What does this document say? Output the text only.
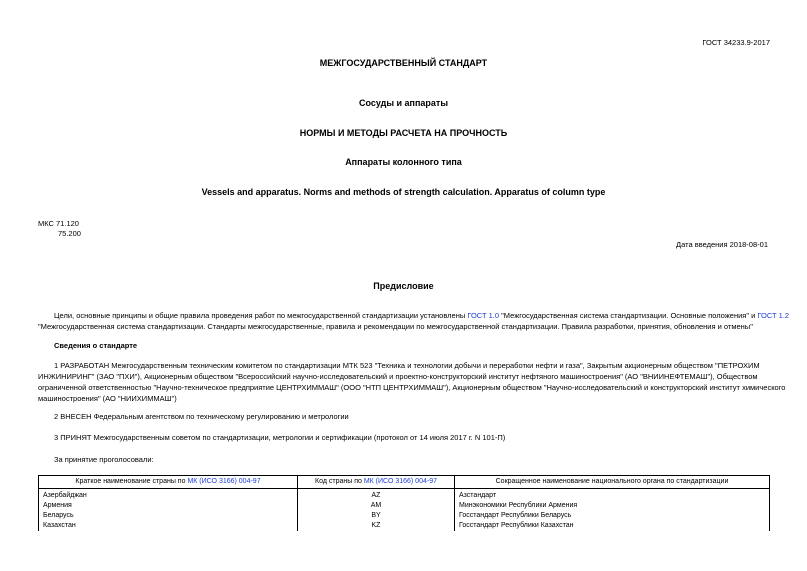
ГОСТ 34233.9-2017
МЕЖГОСУДАРСТВЕННЫЙ СТАНДАРТ
Сосуды и аппараты
НОРМЫ И МЕТОДЫ РАСЧЕТА НА ПРОЧНОСТЬ
Аппараты колонного типа
Vessels and apparatus. Norms and methods of strength calculation. Apparatus of column type
МКС 71.120
75.200
Дата введения 2018-08-01
Предисловие
Цели, основные принципы и общие правила проведения работ по межгосударственной стандартизации установлены ГОСТ 1.0 "Межгосударственная система стандартизации. Основные положения" и ГОСТ 1.2
"Межгосударственная система стандартизации. Стандарты межгосударственные, правила и рекомендации по межгосударственной стандартизации. Правила разработки, принятия, обновления и отмены"
Сведения о стандарте
1 РАЗРАБОТАН Межгосударственным техническим комитетом по стандартизации МТК 523 "Техника и технологии добычи и переработки нефти и газа", Закрытым акционерным обществом "ПЕТРОХИМ
ИНЖИНИРИНГ" (ЗАО "ПХИ"), Акционерным обществом "Всероссийский научно-исследовательский и проектно-конструкторский институт нефтяного машиностроения" (АО "ВНИИНЕФТЕМАШ"), Обществом
ограниченной ответственностью "Научно-техническое предприятие ЦЕНТРХИММАШ" (ООО "НТП ЦЕНТРХИММАШ"), Акционерным обществом "Научно-исследовательский и конструкторский институт химического
машиностроения" (АО "НИИХИММАШ")
2 ВНЕСЕН Федеральным агентством по техническому регулированию и метрологии
3 ПРИНЯТ Межгосударственным советом по стандартизации, метрологии и сертификации (протокол от 14 июля 2017 г. N 101-П)
За принятие проголосовали:
Краткое наименование страны по МК (ИСО 3166) 004-97	Код страны по МК (ИСО 3166) 004-97	Сокращенное наименование национального органа по стандартизации
Азербайджан	AZ	Азстандарт
Армения	AM	Минэкономики Республики Армения
Беларусь	BY	Госстандарт Республики Беларусь
Казахстан	KZ	Госстандарт Республики Казахстан
